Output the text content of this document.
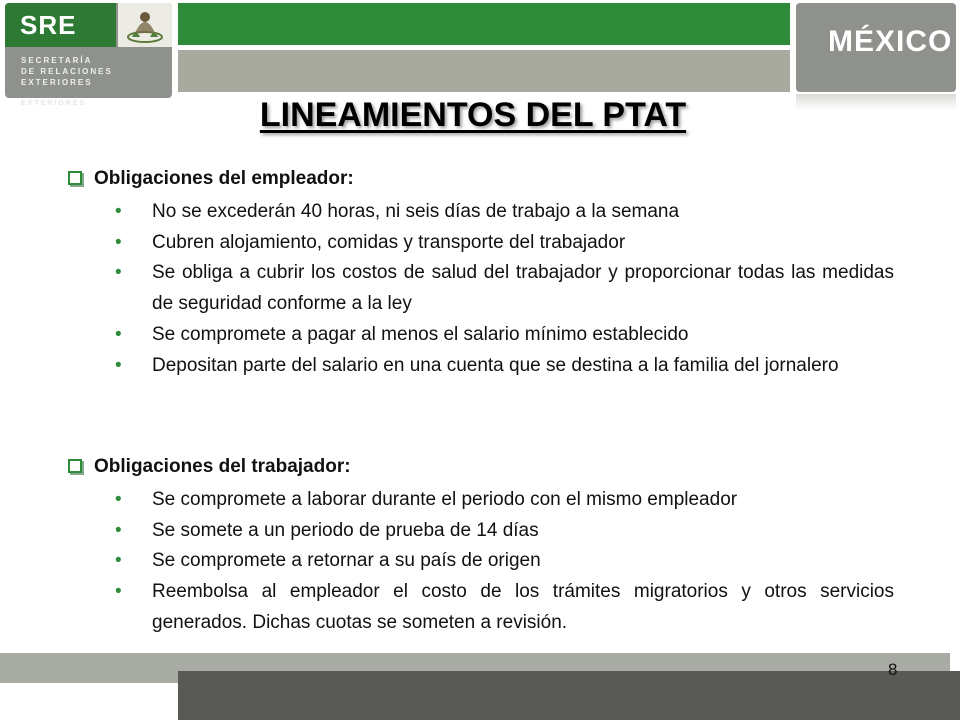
SRE
SECRETARÍA
DE RELACIONES
EXTERIORES
EXTERIORES
MÉXICO
LINEAMIENTOS DEL PTAT
Obligaciones del empleador:
• No se excederán 40 horas, ni seis días de trabajo a la semana
• Cubren alojamiento, comidas y transporte del trabajador
• Se obliga a cubrir los costos de salud del trabajador y proporcionar todas las medidas de seguridad conforme a la ley
• Se compromete a pagar al menos el salario mínimo establecido
• Depositan parte del salario en una cuenta que se destina a la familia del jornalero
Obligaciones del trabajador:
• Se compromete a laborar durante el periodo con el mismo empleador
• Se somete a un periodo de prueba de 14 días
• Se compromete a retornar a su país de origen
• Reembolsa al empleador el costo de los trámites migratorios y otros servicios generados. Dichas cuotas se someten a revisión.
8
